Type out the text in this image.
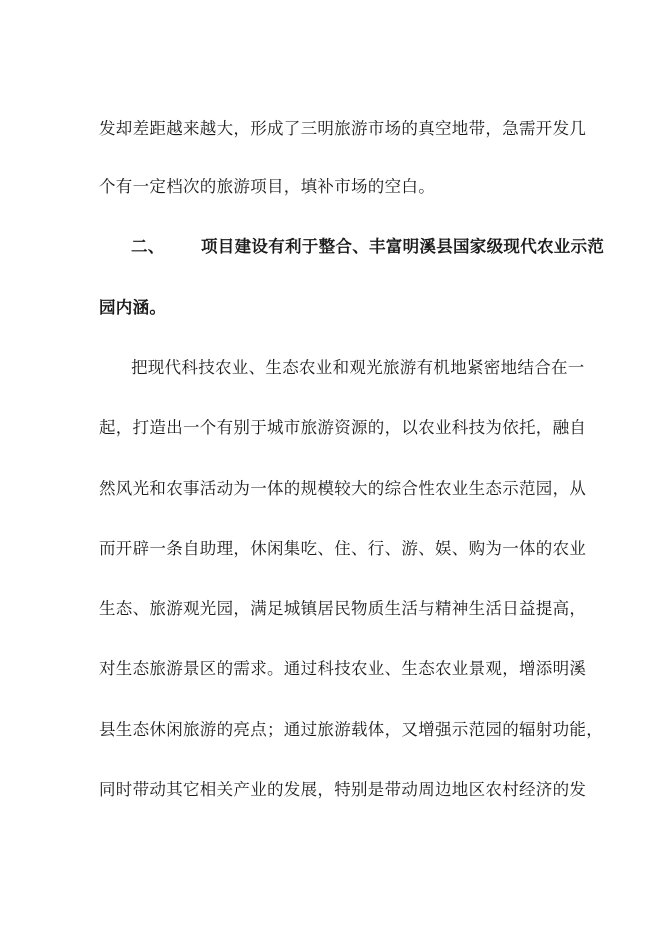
发却差距越来越大，形成了三明旅游市场的真空地带，急需开发几
个有一定档次的旅游项目，填补市场的空白。
二、 项目建设有利于整合、丰富明溪县国家级现代农业示范
园内涵。
把现代科技农业、生态农业和观光旅游有机地紧密地结合在一
起，打造出一个有别于城市旅游资源的，以农业科技为依托，融自
然风光和农事活动为一体的规模较大的综合性农业生态示范园，从
而开辟一条自助理，休闲集吃、住、行、游、娱、购为一体的农业
生态、旅游观光园，满足城镇居民物质生活与精神生活日益提高，
对生态旅游景区的需求。通过科技农业、生态农业景观，增添明溪
县生态休闲旅游的亮点；通过旅游载体，又增强示范园的辐射功能，
同时带动其它相关产业的发展，特别是带动周边地区农村经济的发
